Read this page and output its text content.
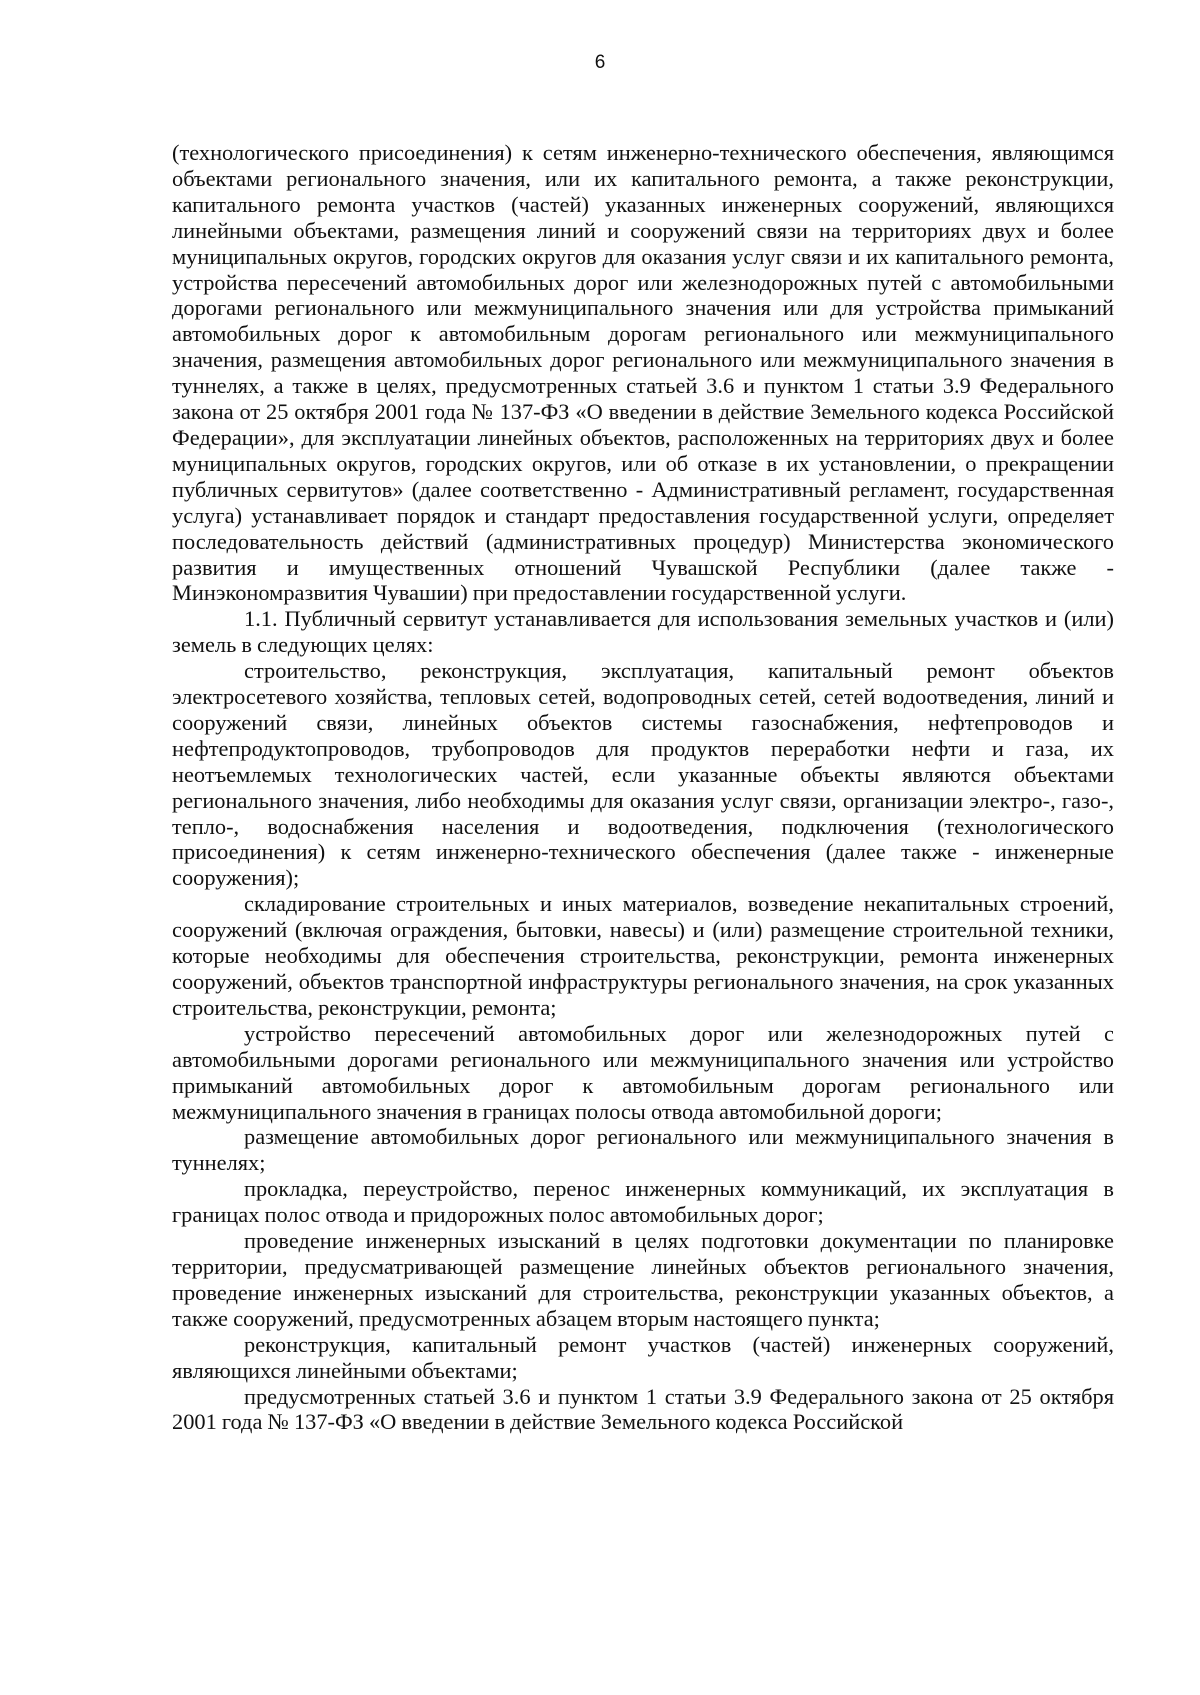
6

(технологического присоединения) к сетям инженерно-технического обеспечения, являющимся объектами регионального значения, или их капитального ремонта, а также реконструкции, капитального ремонта участков (частей) указанных инженерных сооружений, являющихся линейными объектами, размещения линий и сооружений связи на территориях двух и более муниципальных округов, городских округов для оказания услуг связи и их капитального ремонта, устройства пересечений автомобильных дорог или железнодорожных путей с автомобильными дорогами регионального или межмуниципального значения или для устройства примыканий автомобильных дорог к автомобильным дорогам регионального или межмуниципального значения, размещения автомобильных дорог регионального или межмуниципального значения в туннелях, а также в целях, предусмотренных статьей 3.6 и пунктом 1 статьи 3.9 Федерального закона от 25 октября 2001 года № 137-ФЗ «О введении в действие Земельного кодекса Российской Федерации», для эксплуатации линейных объектов, расположенных на территориях двух и более муниципальных округов, городских округов, или об отказе в их установлении, о прекращении публичных сервитутов» (далее соответственно - Административный регламент, государственная услуга) устанавливает порядок и стандарт предоставления государственной услуги, определяет последовательность действий (административных процедур) Министерства экономического развития и имущественных отношений Чувашской Республики (далее также - Минэкономразвития Чувашии) при предоставлении государственной услуги.

1.1. Публичный сервитут устанавливается для использования земельных участков и (или) земель в следующих целях:

строительство, реконструкция, эксплуатация, капитальный ремонт объектов электросетевого хозяйства, тепловых сетей, водопроводных сетей, сетей водоотведения, линий и сооружений связи, линейных объектов системы газоснабжения, нефтепроводов и нефтепродуктопроводов, трубопроводов для продуктов переработки нефти и газа, их неотъемлемых технологических частей, если указанные объекты являются объектами регионального значения, либо необходимы для оказания услуг связи, организации электро-, газо-, тепло-, водоснабжения населения и водоотведения, подключения (технологического присоединения) к сетям инженерно-технического обеспечения (далее также - инженерные сооружения);

складирование строительных и иных материалов, возведение некапитальных строений, сооружений (включая ограждения, бытовки, навесы) и (или) размещение строительной техники, которые необходимы для обеспечения строительства, реконструкции, ремонта инженерных сооружений, объектов транспортной инфраструктуры регионального значения, на срок указанных строительства, реконструкции, ремонта;

устройство пересечений автомобильных дорог или железнодорожных путей с автомобильными дорогами регионального или межмуниципального значения или устройство примыканий автомобильных дорог к автомобильным дорогам регионального или межмуниципального значения в границах полосы отвода автомобильной дороги;

размещение автомобильных дорог регионального или межмуниципального значения в туннелях;

прокладка, переустройство, перенос инженерных коммуникаций, их эксплуатация в границах полос отвода и придорожных полос автомобильных дорог;

проведение инженерных изысканий в целях подготовки документации по планировке территории, предусматривающей размещение линейных объектов регионального значения, проведение инженерных изысканий для строительства, реконструкции указанных объектов, а также сооружений, предусмотренных абзацем вторым настоящего пункта;

реконструкция, капитальный ремонт участков (частей) инженерных сооружений, являющихся линейными объектами;

предусмотренных статьей 3.6 и пунктом 1 статьи 3.9 Федерального закона от 25 октября 2001 года № 137-ФЗ «О введении в действие Земельного кодекса Российской
